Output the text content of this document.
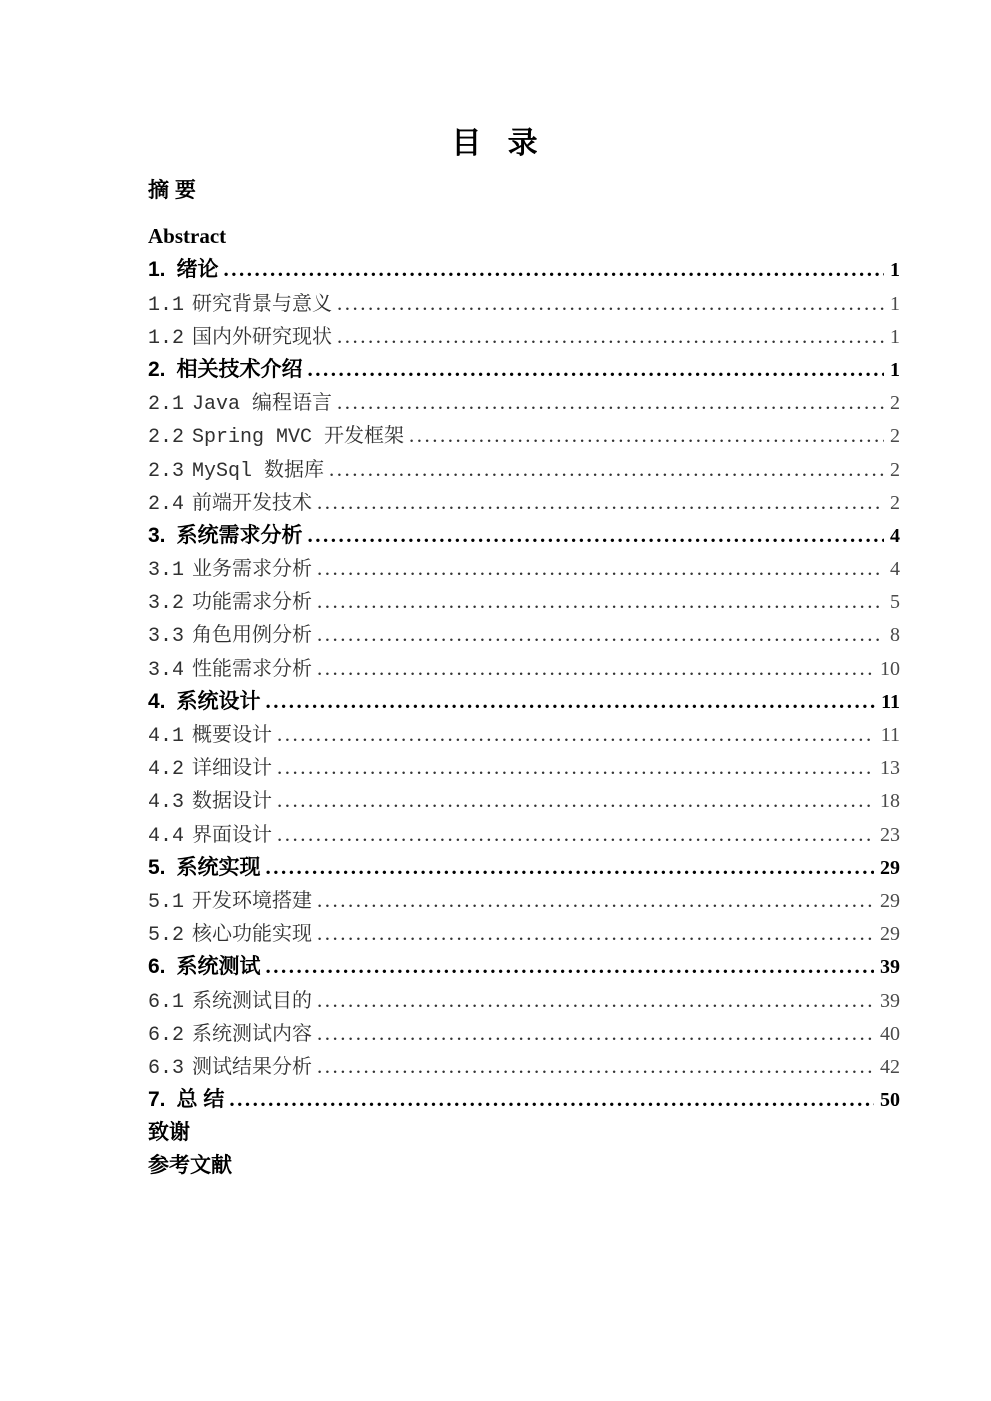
目 录
摘 要
Abstract
1. 绪论 .....	1
1.1 研究背景与意义 .....	1
1.2 国内外研究现状 .....	1
2. 相关技术介绍 .....	1
2.1 Java 编程语言 .....	2
2.2 Spring MVC 开发框架 .....	2
2.3 MySql 数据库 .....	2
2.4 前端开发技术 .....	2
3. 系统需求分析 .....	4
3.1 业务需求分析 .....	4
3.2 功能需求分析 .....	5
3.3 角色用例分析 .....	8
3.4 性能需求分析 .....	10
4. 系统设计 .....	11
4.1 概要设计 .....	11
4.2 详细设计 .....	13
4.3 数据设计 .....	18
4.4 界面设计 .....	23
5. 系统实现 .....	29
5.1 开发环境搭建 .....	29
5.2 核心功能实现 .....	29
6. 系统测试 .....	39
6.1 系统测试目的 .....	39
6.2 系统测试内容 .....	40
6.3 测试结果分析 .....	42
7. 总 结 .....	50
致谢
参考文献
